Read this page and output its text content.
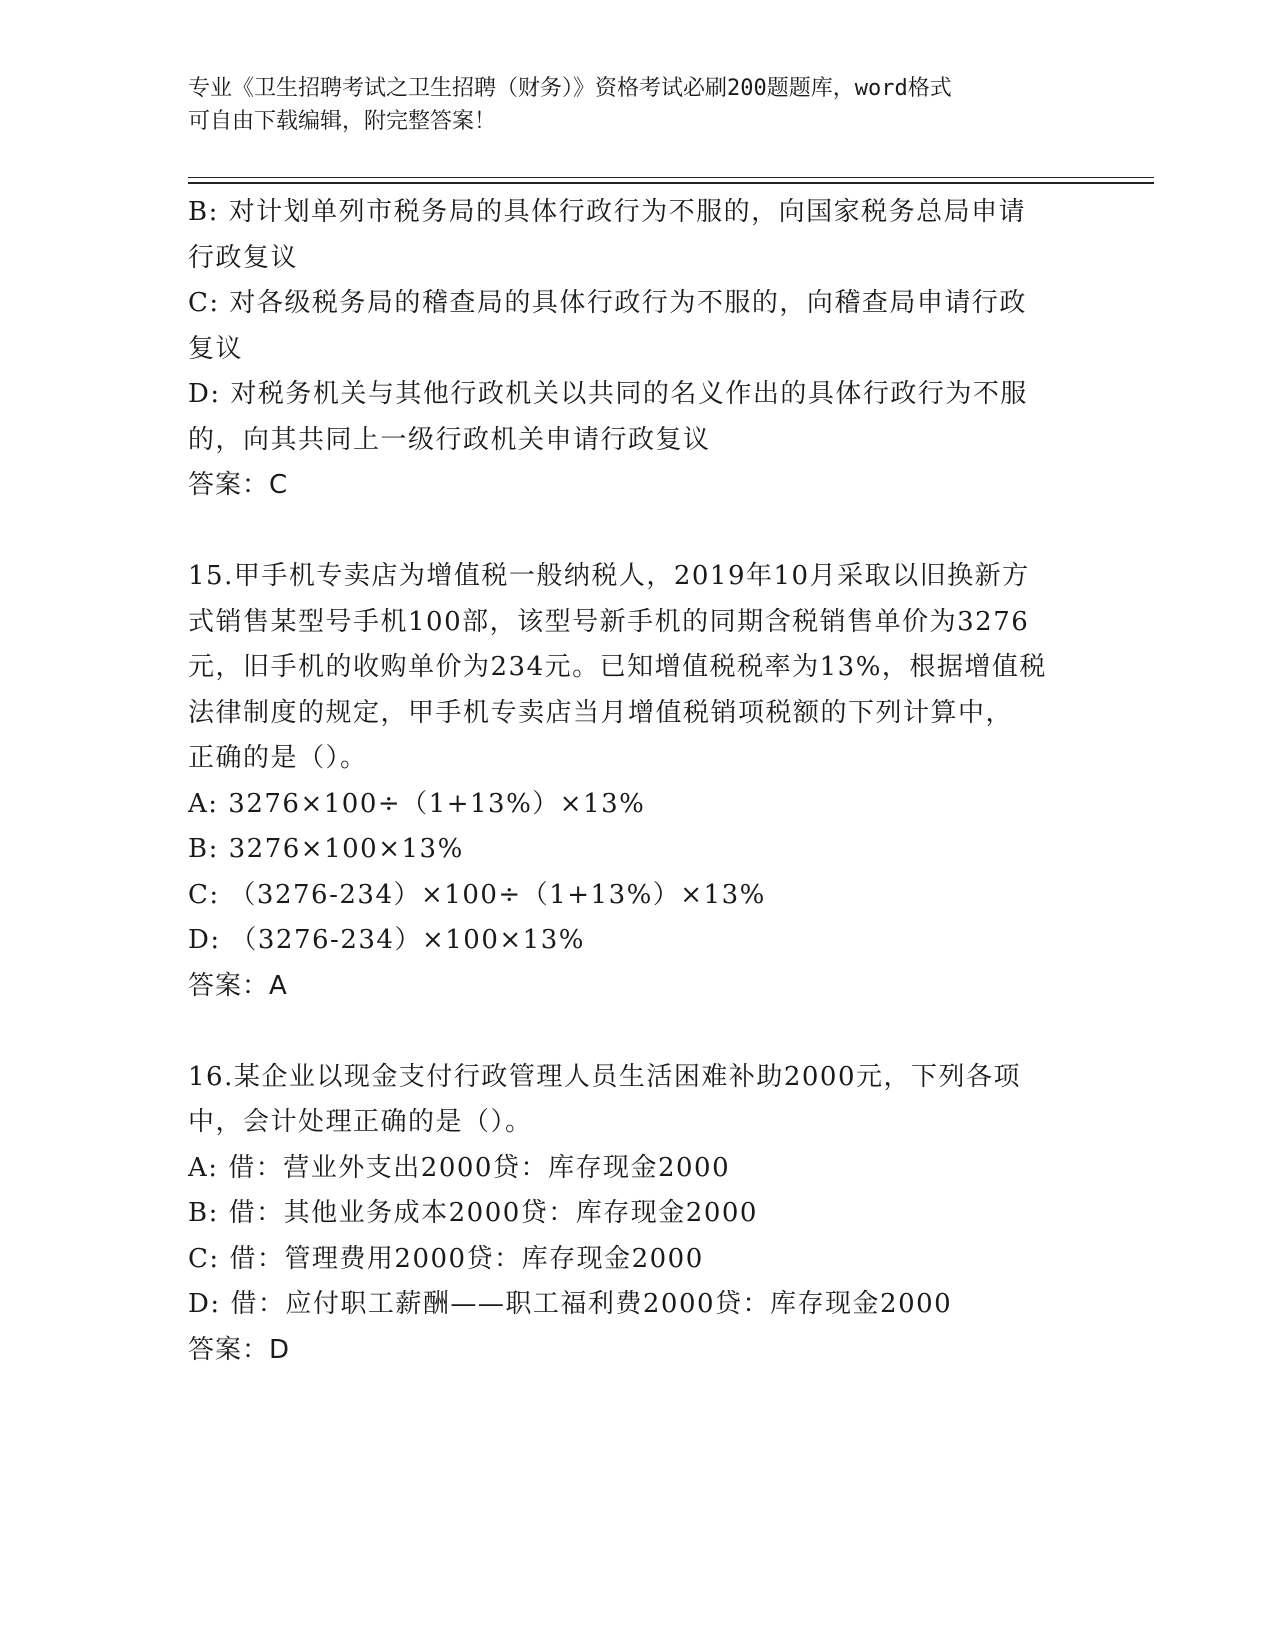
专业《卫生招聘考试之卫生招聘（财务）》资格考试必刷200题题库，word格式
可自由下载编辑，附完整答案！
B: 对计划单列市税务局的具体行政行为不服的，向国家税务总局申请
行政复议
C: 对各级税务局的稽查局的具体行政行为不服的，向稽查局申请行政
复议
D: 对税务机关与其他行政机关以共同的名义作出的具体行政行为不服
的，向其共同上一级行政机关申请行政复议
答案：C
15.甲手机专卖店为增值税一般纳税人，2019年10月采取以旧换新方
式销售某型号手机100部，该型号新手机的同期含税销售单价为3276
元，旧手机的收购单价为234元。已知增值税税率为13%，根据增值税
法律制度的规定，甲手机专卖店当月增值税销项税额的下列计算中，
正确的是（）。
A: 3276×100÷（1+13%）×13%
B: 3276×100×13%
C: （3276-234）×100÷（1+13%）×13%
D: （3276-234）×100×13%
答案：A
16.某企业以现金支付行政管理人员生活困难补助2000元，下列各项
中，会计处理正确的是（）。
A: 借：营业外支出2000贷：库存现金2000
B: 借：其他业务成本2000贷：库存现金2000
C: 借：管理费用2000贷：库存现金2000
D: 借：应付职工薪酬——职工福利费2000贷：库存现金2000
答案：D
